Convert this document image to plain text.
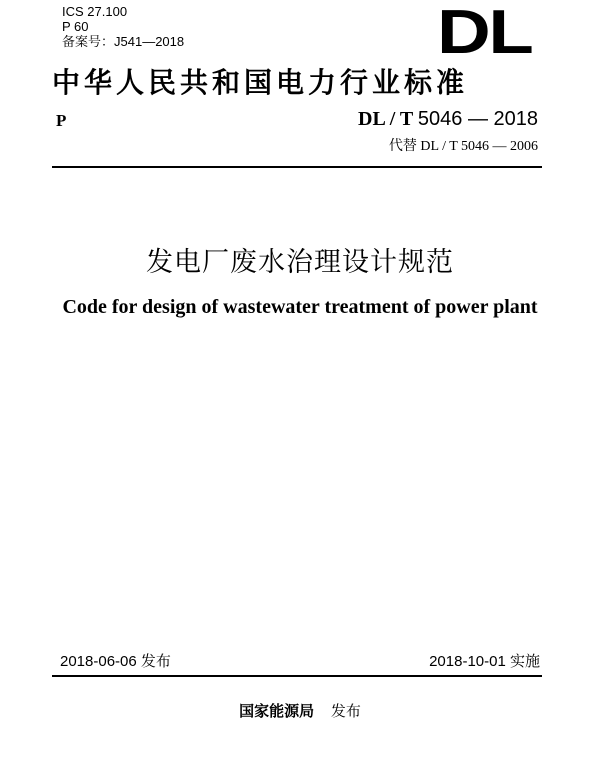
ICS 27.100
P 60
备案号：J541—2018	DL
中华人民共和国电力行业标准
P	DL / T 5046 — 2018
代替 DL / T 5046 — 2006
发电厂废水治理设计规范
Code for design of wastewater treatment of power plant
2018-06-06 发布	2018-10-01 实施
国家能源局 发布
